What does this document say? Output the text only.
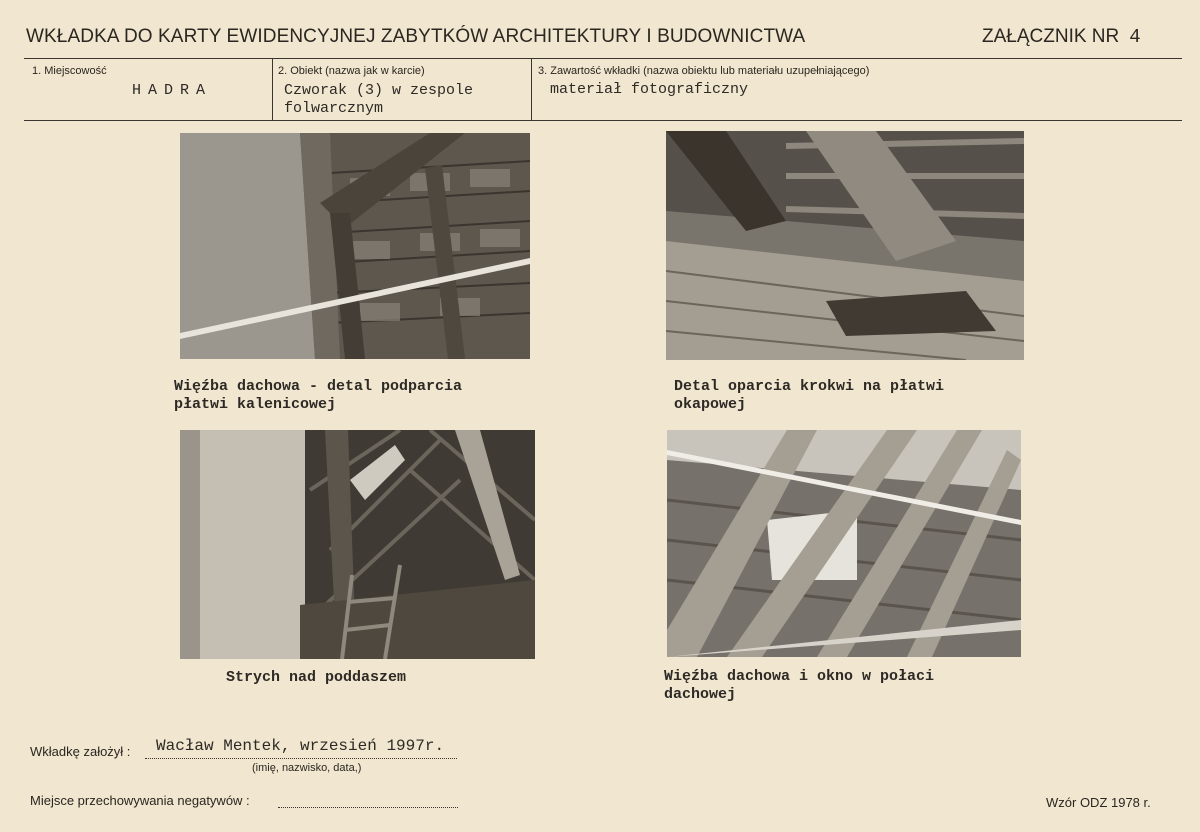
WKŁADKA DO KARTY EWIDENCYJNEJ ZABYTKÓW ARCHITEKTURY I BUDOWNICTWA	ZAŁĄCZNIK NR 4
1. Miejscowość
HADRA
2. Obiekt (nazwa jak w karcie)
Czworak (3) w zespole
folwarcznym
3. Zawartość wkładki (nazwa obiektu lub materiału uzupełniającego)
materiał fotograficzny
Więźba dachowa - detal podparcia
płatwi kalenicowej
Detal oparcia krokwi na płatwi
okapowej
Strych nad poddaszem	Więźba dachowa i okno w połaci
dachowej
Wkładkę założył : Wacław Mentek, wrzesień 1997r.
(imię, nazwisko, data,)
Miejsce przechowywania negatywów :	Wzór ODZ 1978 r.
